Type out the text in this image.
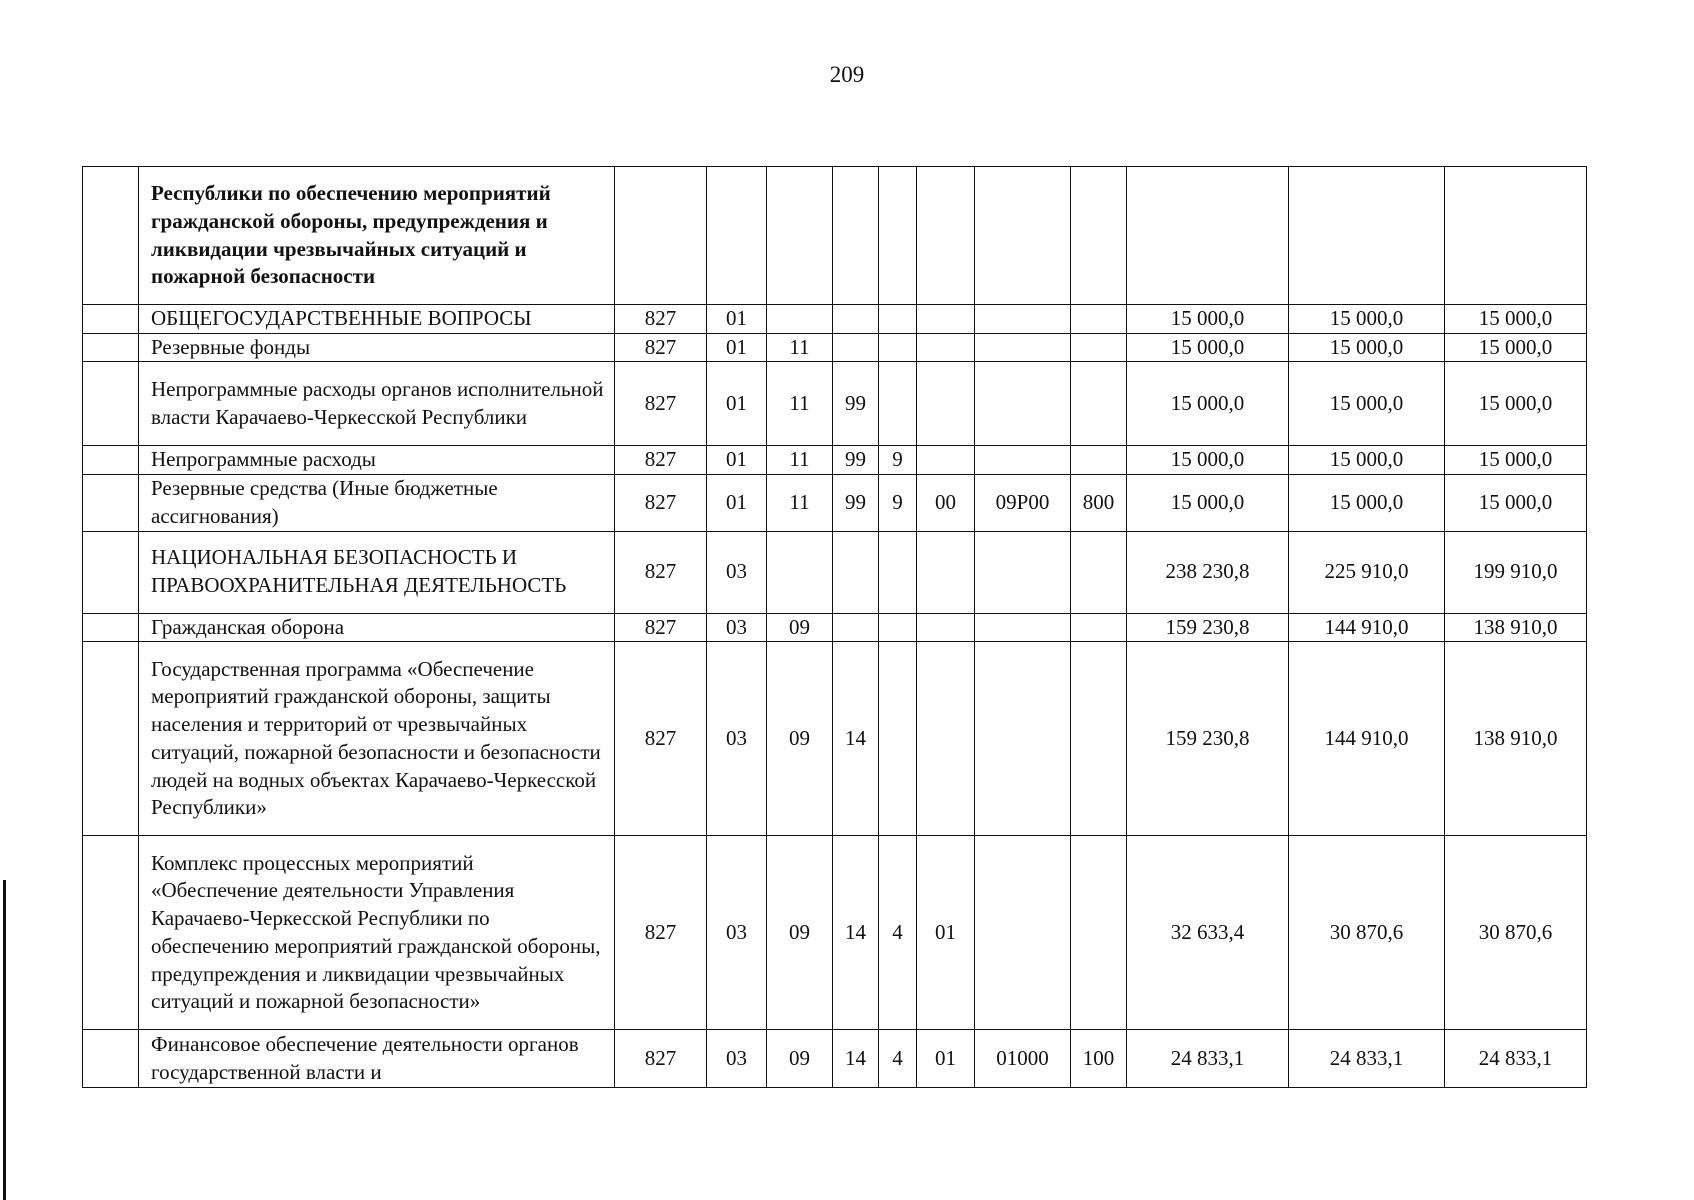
209
	Республики по обеспечению мероприятий гражданской обороны, предупреждения и ликвидации чрезвычайных ситуаций и пожарной безопасности											
	ОБЩЕГОСУДАРСТВЕННЫЕ ВОПРОСЫ	827	01							15 000,0	15 000,0	15 000,0
	Резервные фонды	827	01	11						15 000,0	15 000,0	15 000,0
	Непрограммные расходы органов исполнительной власти Карачаево-Черкесской Республики	827	01	11	99					15 000,0	15 000,0	15 000,0
	Непрограммные расходы	827	01	11	99	9				15 000,0	15 000,0	15 000,0
	Резервные средства (Иные бюджетные ассигнования)	827	01	11	99	9	00	09Р00	800	15 000,0	15 000,0	15 000,0
	НАЦИОНАЛЬНАЯ БЕЗОПАСНОСТЬ И ПРАВООХРАНИТЕЛЬНАЯ ДЕЯТЕЛЬНОСТЬ	827	03							238 230,8	225 910,0	199 910,0
	Гражданская оборона	827	03	09						159 230,8	144 910,0	138 910,0
	Государственная программа «Обеспечение мероприятий гражданской обороны, защиты населения и территорий от чрезвычайных ситуаций, пожарной безопасности и безопасности людей на водных объектах Карачаево-Черкесской Республики»	827	03	09	14					159 230,8	144 910,0	138 910,0
	Комплекс процессных мероприятий «Обеспечение деятельности Управления Карачаево-Черкесской Республики по обеспечению мероприятий гражданской обороны, предупреждения и ликвидации чрезвычайных ситуаций и пожарной безопасности»	827	03	09	14	4	01			32 633,4	30 870,6	30 870,6
	Финансовое обеспечение деятельности органов государственной власти и	827	03	09	14	4	01	01000	100	24 833,1	24 833,1	24 833,1
